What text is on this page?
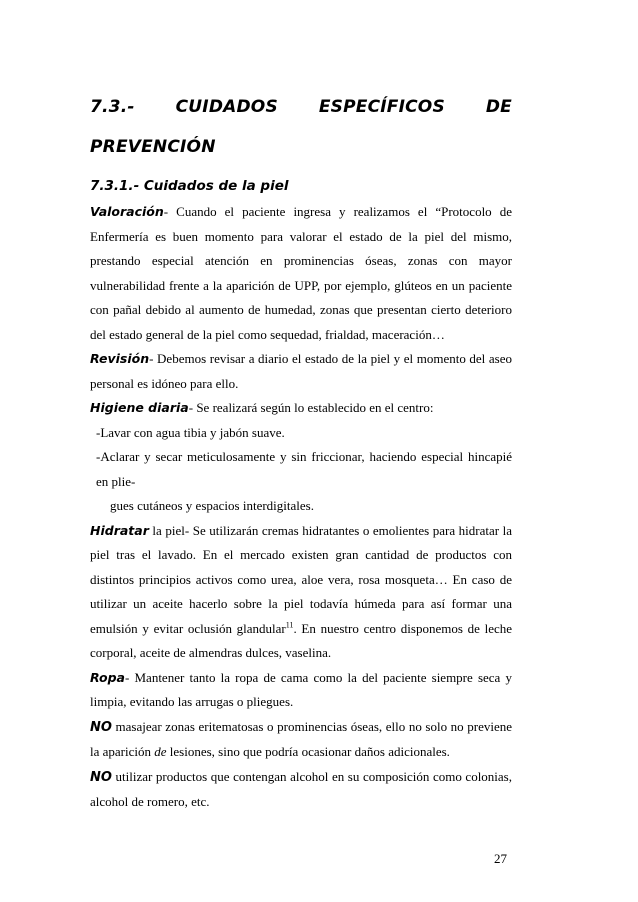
7.3.- CUIDADOS ESPECÍFICOS DE
PREVENCIÓN
7.3.1.- Cuidados de la piel

Valoración- Cuando el paciente ingresa y realizamos el “Protocolo de Enfermería es buen momento para valorar el estado de la piel del mismo, prestando especial atención en prominencias óseas, zonas con mayor vulnerabilidad frente a la aparición de UPP, por ejemplo, glúteos en un paciente con pañal debido al aumento de humedad, zonas que presentan cierto deterioro del estado general de la piel como sequedad, frialdad, maceración…

Revisión- Debemos revisar a diario el estado de la piel y el momento del aseo personal es idóneo para ello.

Higiene diaria- Se realizará según lo establecido en el centro:

-Lavar con agua tibia y jabón suave.

-Aclarar y secar meticulosamente y sin friccionar, haciendo especial hincapié en plie-

gues cutáneos y espacios interdigitales.

Hidratar la piel- Se utilizarán cremas hidratantes o emolientes para hidratar la piel tras el lavado. En el mercado existen gran cantidad de productos con distintos principios activos como urea, aloe vera, rosa mosqueta… En caso de utilizar un aceite hacerlo sobre la piel todavía húmeda para así formar una emulsión y evitar oclusión glandular$^{11}$. En nuestro centro disponemos de leche corporal, aceite de almendras dulces, vaselina.

Ropa- Mantener tanto la ropa de cama como la del paciente siempre seca y limpia, evitando las arrugas o pliegues.

NO masajear zonas eritematosas o prominencias óseas, ello no solo no previene la aparición de lesiones, sino que podría ocasionar daños adicionales.

NO utilizar productos que contengan alcohol en su composición como colonias, alcohol de romero, etc.

27
